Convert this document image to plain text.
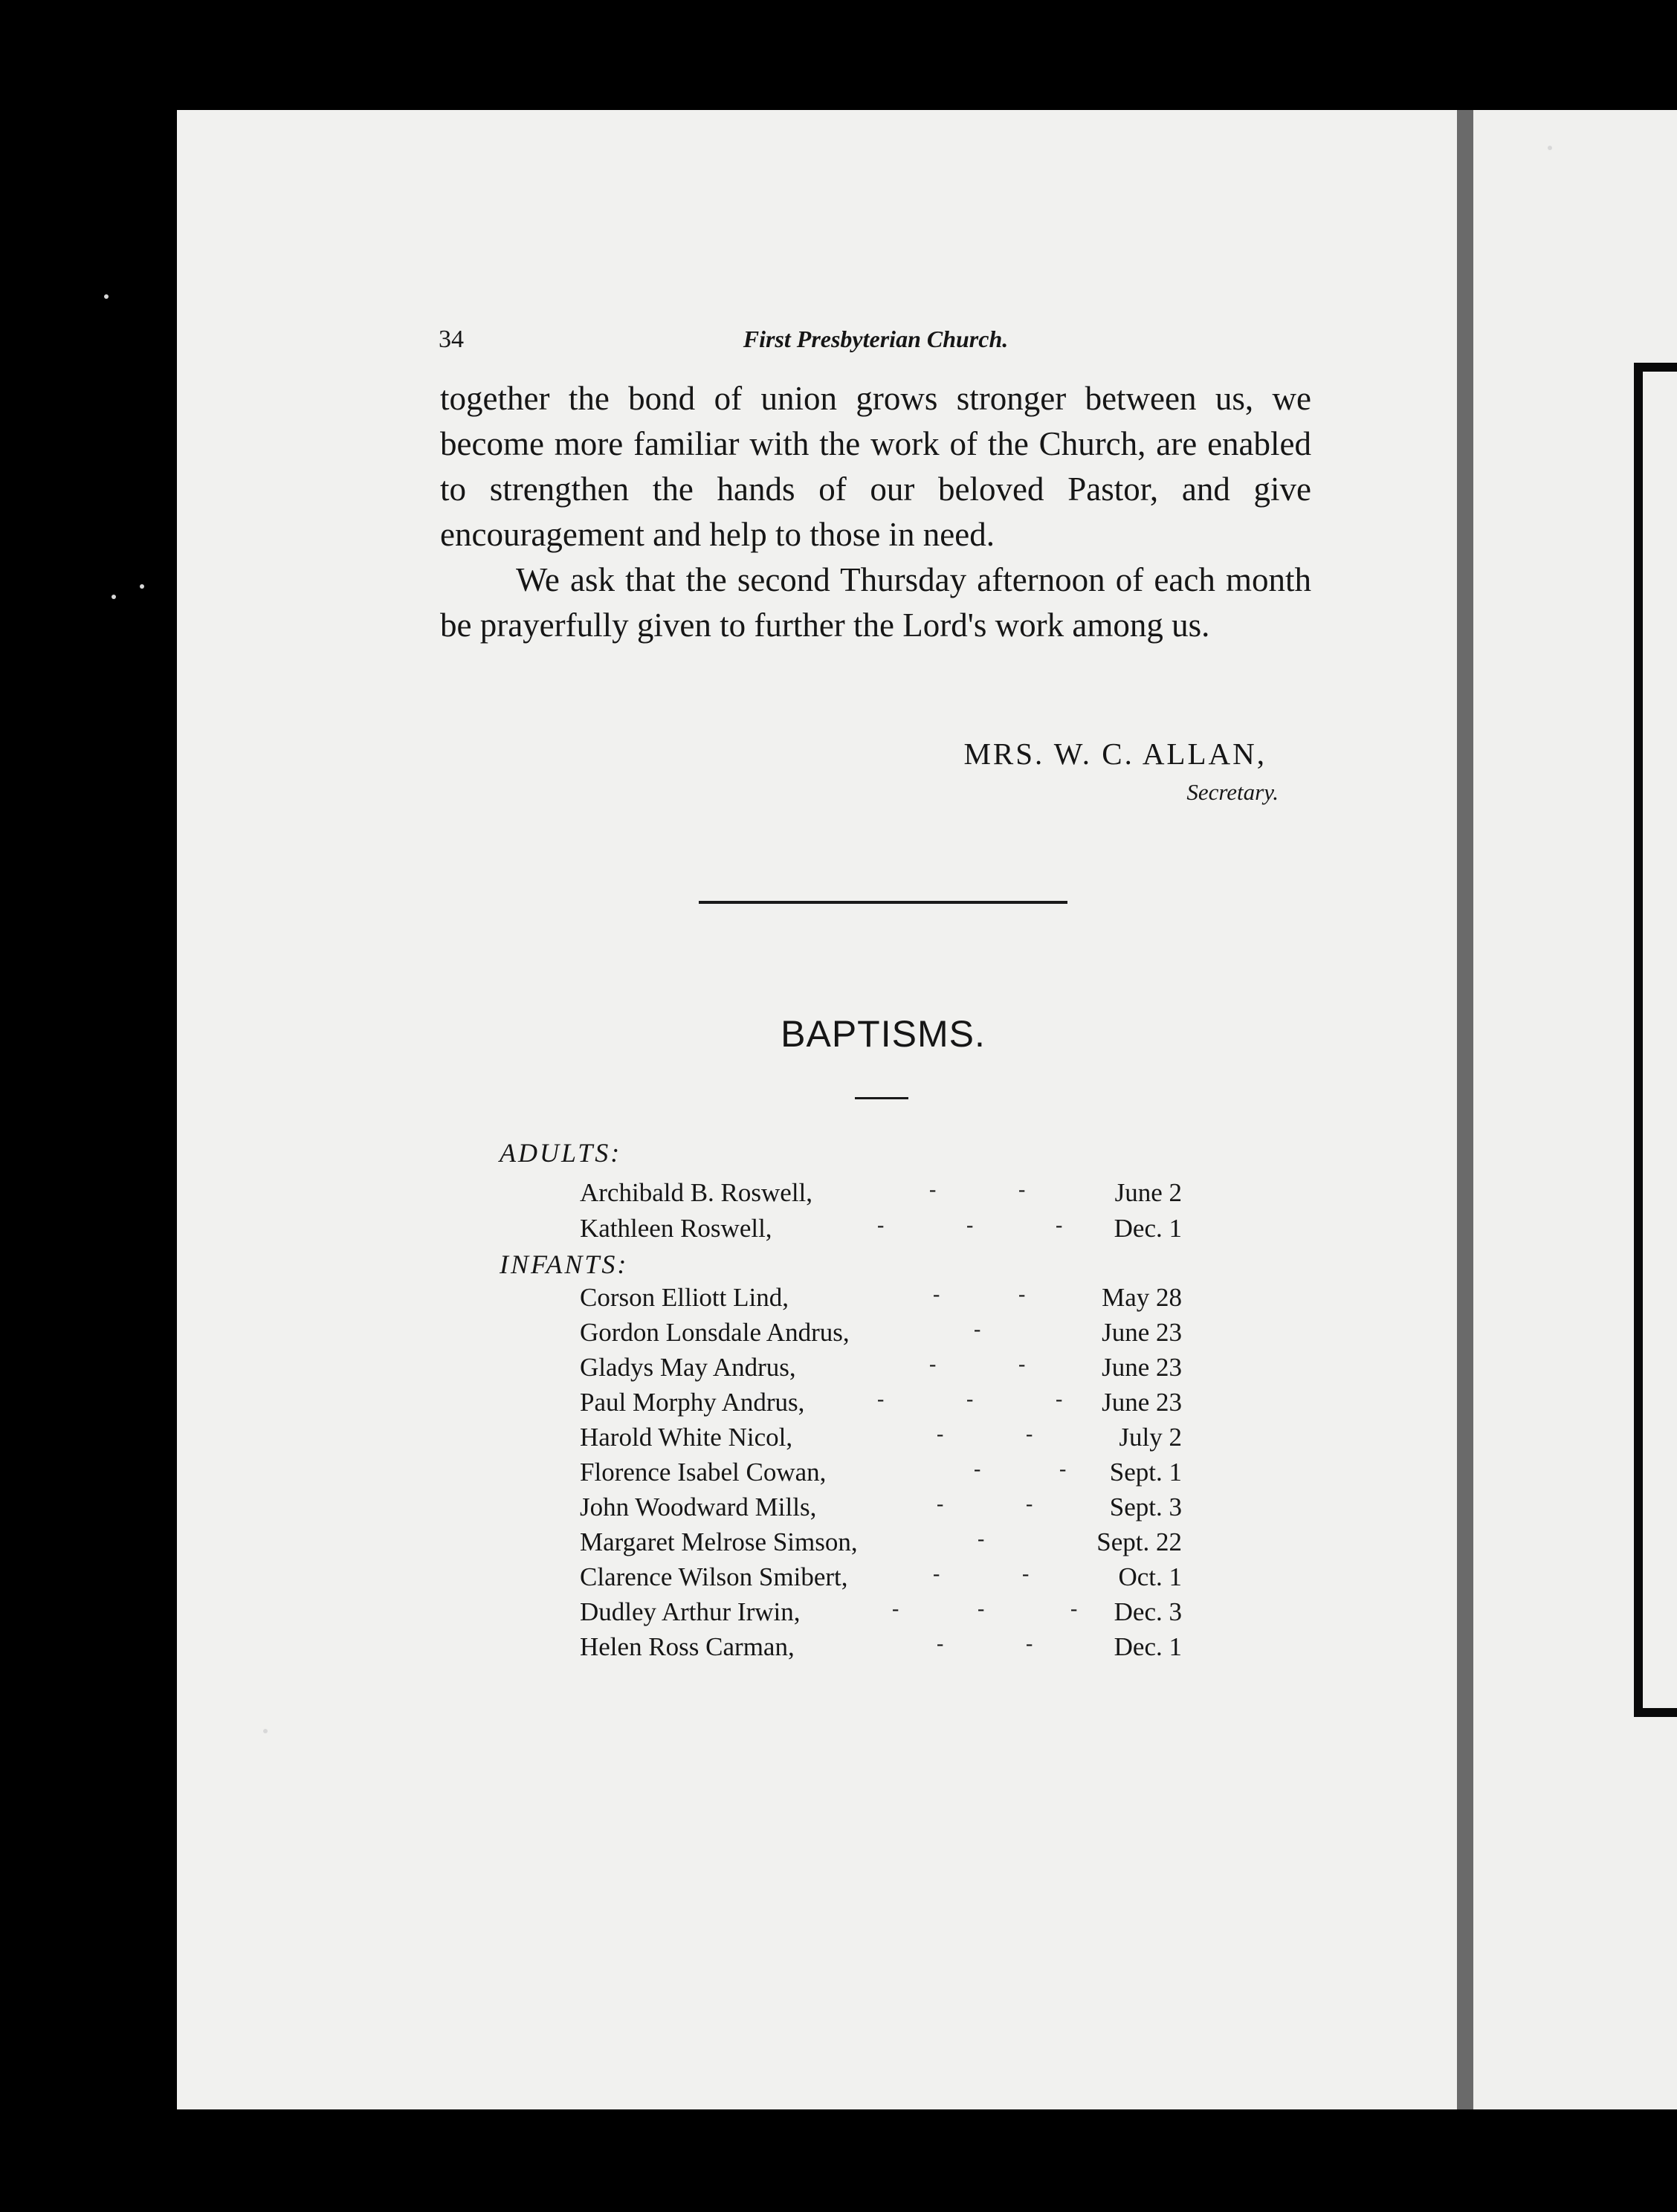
34	First Presbyterian Church.

together the bond of union grows stronger between us, we become more familiar with the work of the Church, are enabled to strengthen the hands of our beloved Pastor, and give encouragement and help to those in need.

We ask that the second Thursday afternoon of each month be prayerfully given to further the Lord's work among us.

MRS. W. C. ALLAN,
Secretary.
BAPTISMS.
ADULTS:
Archibald B. Roswell,	-	-	June 2
Kathleen Roswell,	-	-	- Dec. 1
INFANTS:
Corson Elliott Lind,	-	-	May 28
Gordon Lonsdale Andrus,	-	June 23
Gladys May Andrus,	-	-	June 23
Paul Morphy Andrus,	-	-	- June 23
Harold White Nicol,	-	-	July 2
Florence Isabel Cowan,	-	- Sept. 1
John Woodward Mills,	-	-	Sept. 3
Margaret Melrose Simson,	-	Sept. 22
Clarence Wilson Smibert,	-	-	Oct. 1
Dudley Arthur Irwin,	-	-	- Dec. 3
Helen Ross Carman,	-	-	Dec. 1
